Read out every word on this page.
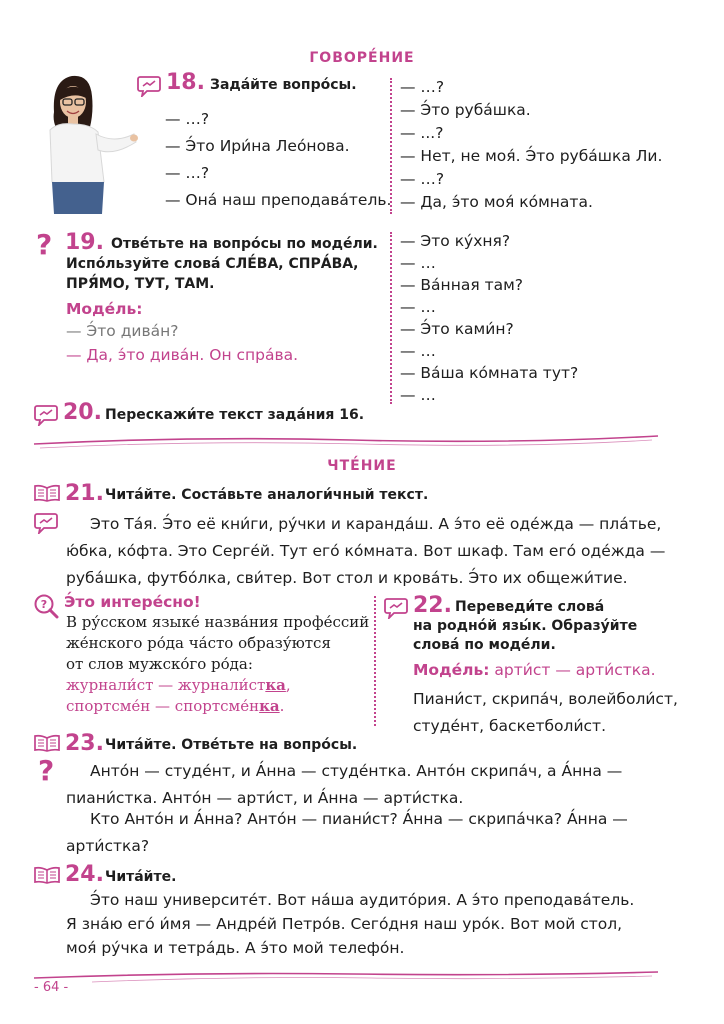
ГОВОРЕ́НИЕ
18. Зада́йте вопро́сы.
— …?
— Э́то Ири́на Лео́нова.
— …?
— Она́ наш преподава́тель.
— …?
— Э́то руба́шка.
— ...?
— Нет, не моя́. Э́то руба́шка Ли.
— …?
— Да, э́то моя́ ко́мната.
? 19. Отве́тьте на вопро́сы по моде́ли.
Испо́льзуйте слова́ СЛЕ́ВА, СПРА́ВА,
ПРЯ́МО, ТУТ, ТАМ.
Моде́ль:
— Э́то дива́н?
— Да, э́то дива́н. Он спра́ва.
— Это ку́хня?
— …
— Ва́нная там?
— …
— Э́то ками́н?
— …
— Ва́ша ко́мната тут?
— …
20. Перескажи́те текст зада́ния 16.
ЧТЕ́НИЕ
21. Чита́йте. Соста́вьте аналоги́чный текст.
Это Та́я. Э́то её кни́ги, ру́чки и каранда́ш. А э́то её оде́жда — пла́тье,
ю́бка, ко́фта. Это Серге́й. Тут его́ ко́мната. Вот шкаф. Там его́ оде́жда —
руба́шка, футбо́лка, сви́тер. Вот стол и крова́ть. Э́то их общежи́тие.
? Э́то интере́сно!
В ру́сском языке́ назва́ния профе́ссий
же́нского ро́да ча́сто образу́ются
от слов мужско́го ро́да:
журнали́ст — журнали́стка,
спортсме́н — спортсме́нка.
22. Переведи́те слова́
на родно́й язы́к. Образу́йте
слова́ по моде́ли.
Моде́ль: арти́ст — арти́стка.
Пиани́ст, скрипа́ч, волейболи́ст,
студе́нт, баскетболи́ст.
23. Чита́йте. Отве́тьте на вопро́сы.
?	Анто́н — студе́нт, и А́нна — студе́нтка. Анто́н скрипа́ч, а А́нна —
пиани́стка. Анто́н — арти́ст, и А́нна — арти́стка.
Кто Анто́н и А́нна? Анто́н — пиани́ст? А́нна — скрипа́чка? А́нна —
арти́стка?
24. Чита́йте.
Э́то наш университе́т. Вот на́ша аудито́рия. А э́то преподава́тель.
Я зна́ю его́ и́мя — Андре́й Петро́в. Сего́дня наш уро́к. Вот мой стол,
моя́ ру́чка и тетра́дь. А э́то мой телефо́н.
- 64 -
